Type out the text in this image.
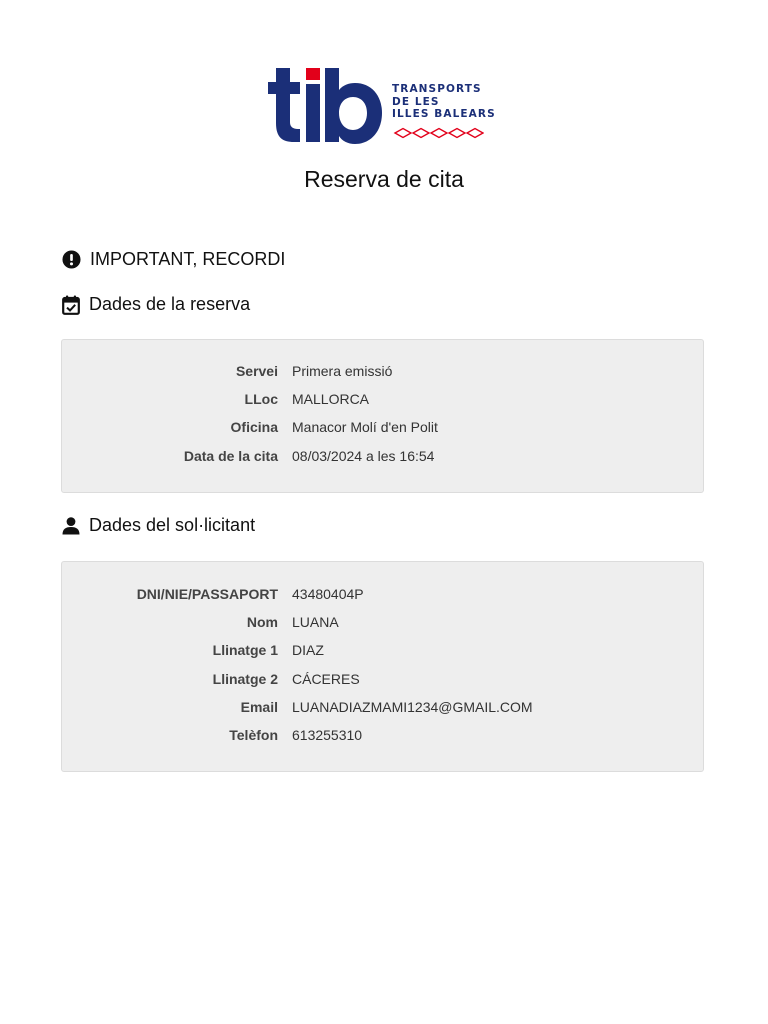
TRANSPORTS
DE LES
ILLES BALEARS
Reserva de cita
IMPORTANT, RECORDI
Dades de la reserva
Servei Primera emissió
LLoc MALLORCA
Oficina Manacor Molí d'en Polit
Data de la cita 08/03/2024 a les 16:54
Dades del sol·licitant
DNI/NIE/PASSAPORT 43480404P
Nom LUANA
Llinatge 1 DIAZ
Llinatge 2 CÁCERES
Email LUANADIAZMAMI1234@GMAIL.COM
Telèfon 613255310
